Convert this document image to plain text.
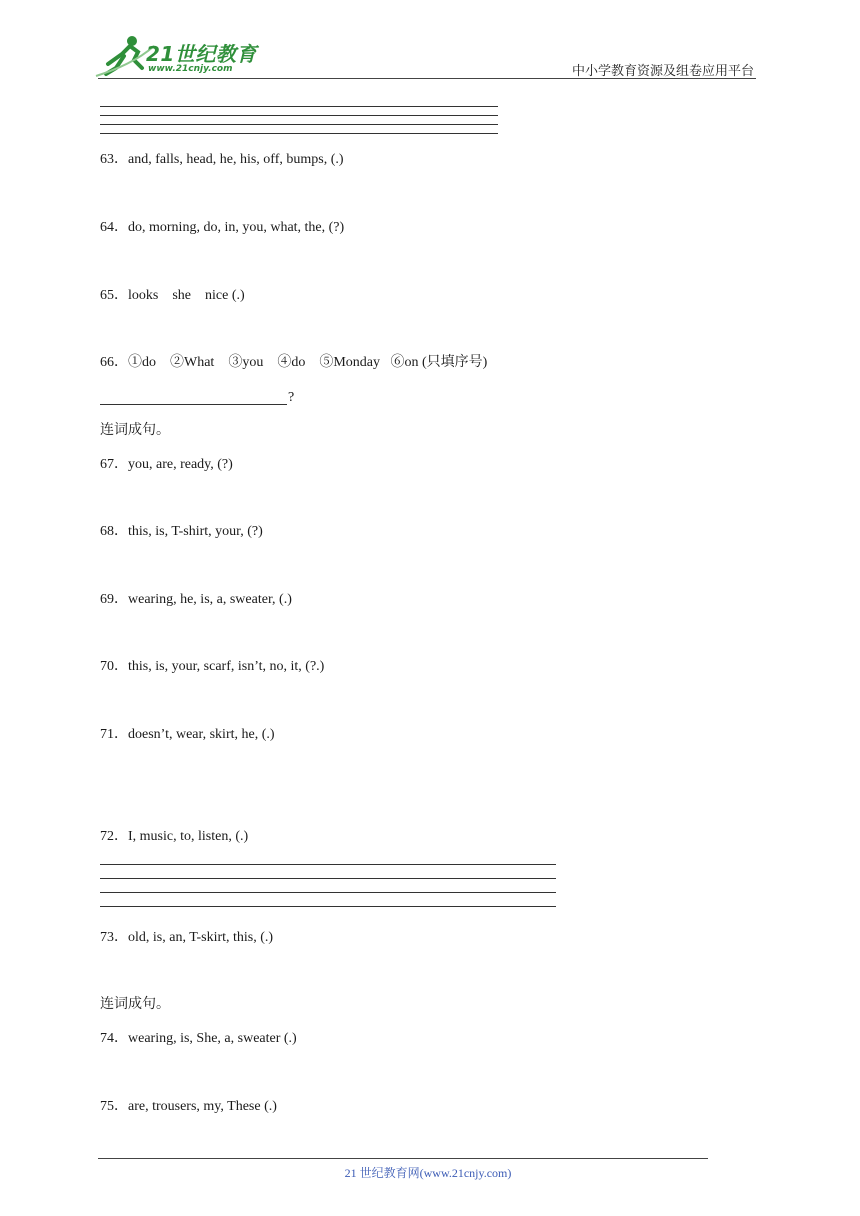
21世纪教育
www.21cnjy.com	中小学教育资源及组卷应用平台
63．and, falls, head, he, his, off, bumps, (.)
64．do, morning, do, in, you, what, the, (?)
65．looks    she    nice (.)
66．①do    ②What    ③you    ④do    ⑤Monday   ⑥on (只填序号)
?
连词成句。
67．you, are, ready, (?)
68．this, is, T-shirt, your, (?)
69．wearing, he, is, a, sweater, (.)
70．this, is, your, scarf, isn’t, no, it, (?.)
71．doesn’t, wear, skirt, he, (.)
72．I, music, to, listen, (.)
73．old, is, an, T-skirt, this, (.)
连词成句。
74．wearing, is, She, a, sweater (.)
75．are, trousers, my, These (.)
21 世纪教育网(www.21cnjy.com)
